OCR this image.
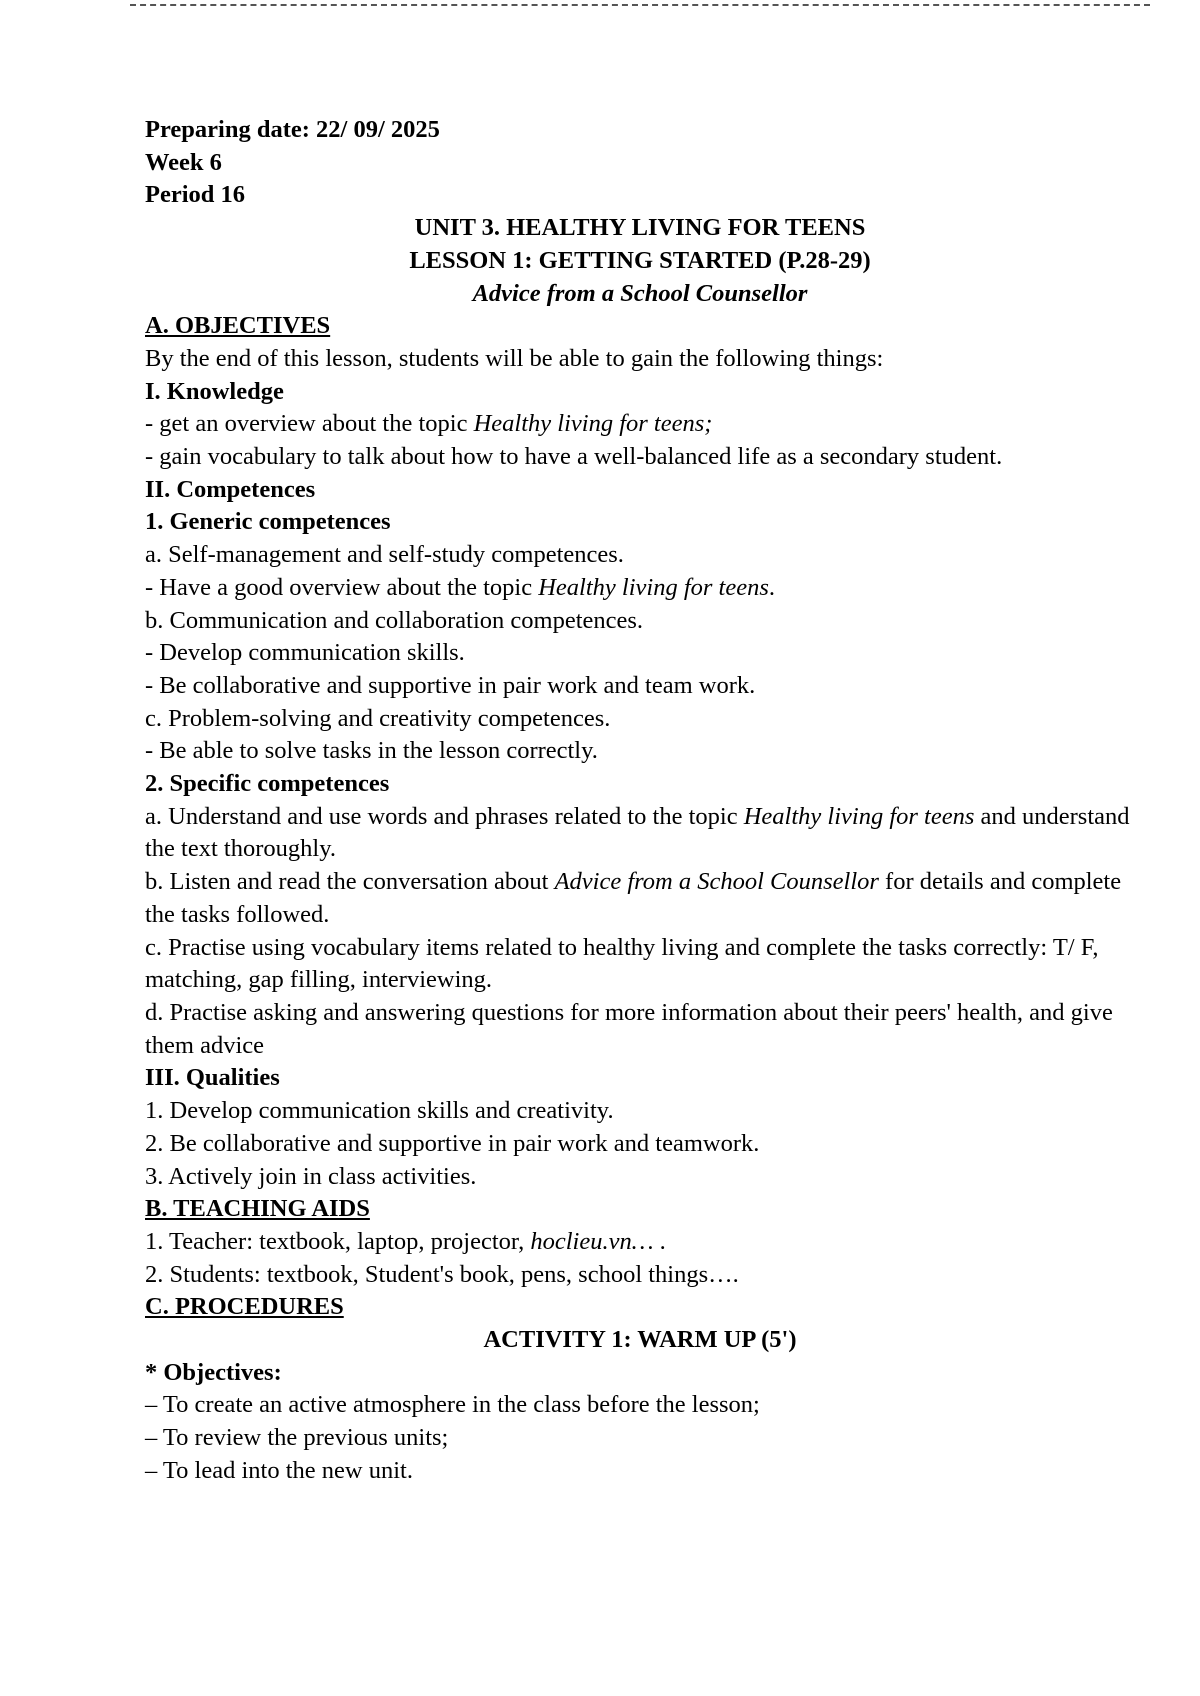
Preparing date: 22/ 09/ 2025
Week 6
Period 16
UNIT 3. HEALTHY LIVING FOR TEENS
LESSON 1: GETTING STARTED (P.28-29)
Advice from a School Counsellor
A. OBJECTIVES
By the end of this lesson, students will be able to gain the following things:
I. Knowledge
- get an overview about the topic Healthy living for teens;
- gain vocabulary to talk about how to have a well-balanced life as a secondary student.
II. Competences
1. Generic competences
a. Self-management and self-study competences.
- Have a good overview about the topic Healthy living for teens.
b. Communication and collaboration competences.
- Develop communication skills.
- Be collaborative and supportive in pair work and team work.
c. Problem-solving and creativity competences.
- Be able to solve tasks in the lesson correctly.
2. Specific competences
a. Understand and use words and phrases related to the topic Healthy living for teens and understand the text thoroughly.
b. Listen and read the conversation about Advice from a School Counsellor for details and complete the tasks followed.
c. Practise using vocabulary items related to healthy living and complete the tasks correctly: T/ F, matching, gap filling, interviewing.
d. Practise asking and answering questions for more information about their peers' health, and give them advice
III. Qualities
1. Develop communication skills and creativity.
2. Be collaborative and supportive in pair work and teamwork.
3. Actively join in class activities.
B. TEACHING AIDS
1. Teacher: textbook, laptop, projector, hoclieu.vn… .
2. Students: textbook, Student's book, pens, school things….
C. PROCEDURES
ACTIVITY 1: WARM UP (5')
* Objectives:
– To create an active atmosphere in the class before the lesson;
– To review the previous units;
– To lead into the new unit.
